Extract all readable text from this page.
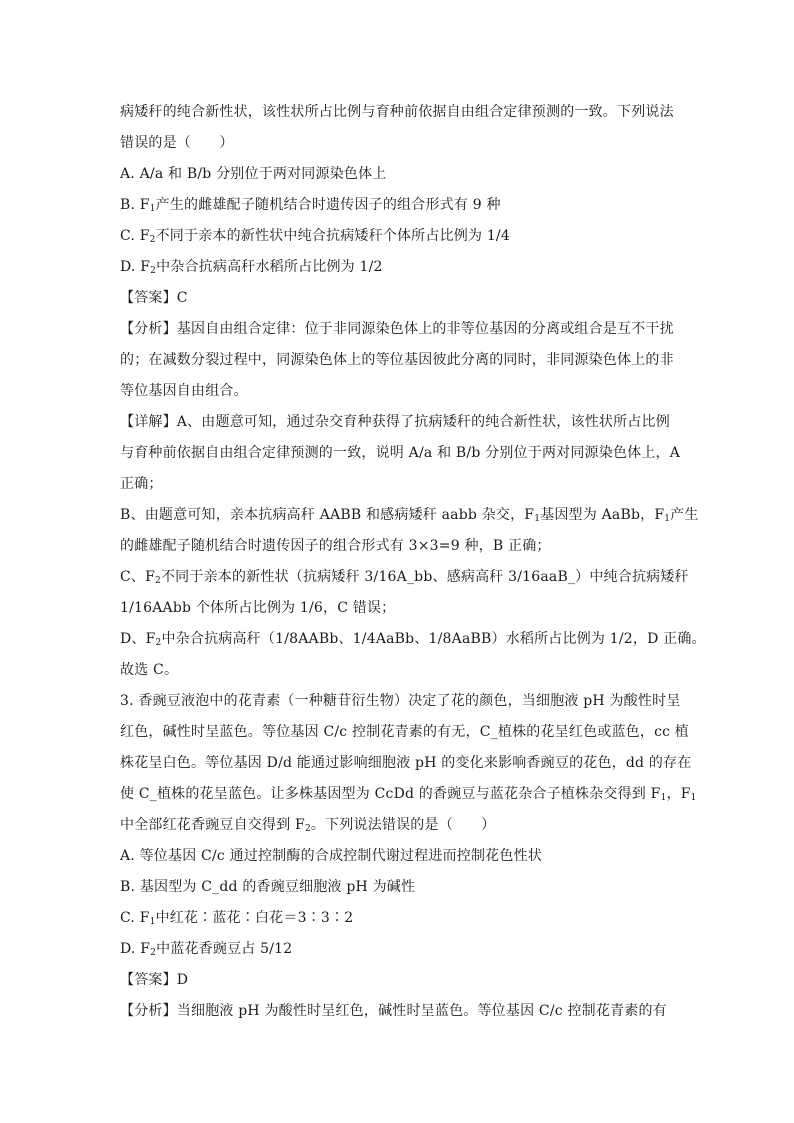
病矮秆的纯合新性状，该性状所占比例与育种前依据自由组合定律预测的一致。下列说法
错误的是（　　）
A. A/a 和 B/b 分别位于两对同源染色体上
B. $F_1$产生的雌雄配子随机结合时遗传因子的组合形式有 9 种
C. $F_2$不同于亲本的新性状中纯合抗病矮秆个体所占比例为 1/4
D. $F_2$中杂合抗病高秆水稻所占比例为 1/2
【答案】C
【分析】基因自由组合定律：位于非同源染色体上的非等位基因的分离或组合是互不干扰
的；在减数分裂过程中，同源染色体上的等位基因彼此分离的同时，非同源染色体上的非
等位基因自由组合。
【详解】A、由题意可知，通过杂交育种获得了抗病矮秆的纯合新性状，该性状所占比例
与育种前依据自由组合定律预测的一致，说明 A/a 和 B/b 分别位于两对同源染色体上，A
正确；
B、由题意可知，亲本抗病高秆 AABB 和感病矮秆 aabb 杂交，$F_1$基因型为 AaBb，$F_1$产生
的雌雄配子随机结合时遗传因子的组合形式有 3×3=9 种，B 正确；
C、$F_2$不同于亲本的新性状（抗病矮秆 3/16A_bb、感病高秆 3/16aaB_）中纯合抗病矮秆
1/16AAbb 个体所占比例为 1/6，C 错误；
D、$F_2$中杂合抗病高秆（1/8AABb、1/4AaBb、1/8AaBB）水稻所占比例为 1/2，D 正确。
故选 C。
3. 香豌豆液泡中的花青素（一种糖苷衍生物）决定了花的颜色，当细胞液 pH 为酸性时呈
红色，碱性时呈蓝色。等位基因 C/c 控制花青素的有无，C_植株的花呈红色或蓝色，cc 植
株花呈白色。等位基因 D/d 能通过影响细胞液 pH 的变化来影响香豌豆的花色，dd 的存在
使 C_植株的花呈蓝色。让多株基因型为 CcDd 的香豌豆与蓝花杂合子植株杂交得到 $F_1$，$F_1$
中全部红花香豌豆自交得到 $F_2$。下列说法错误的是（　　）
A. 等位基因 C/c 通过控制酶的合成控制代谢过程进而控制花色性状
B. 基因型为 C_dd 的香豌豆细胞液 pH 为碱性
C. $F_1$中红花∶蓝花∶白花＝3∶3∶2
D. $F_2$中蓝花香豌豆占 5/12
【答案】D
【分析】当细胞液 pH 为酸性时呈红色，碱性时呈蓝色。等位基因 C/c 控制花青素的有
